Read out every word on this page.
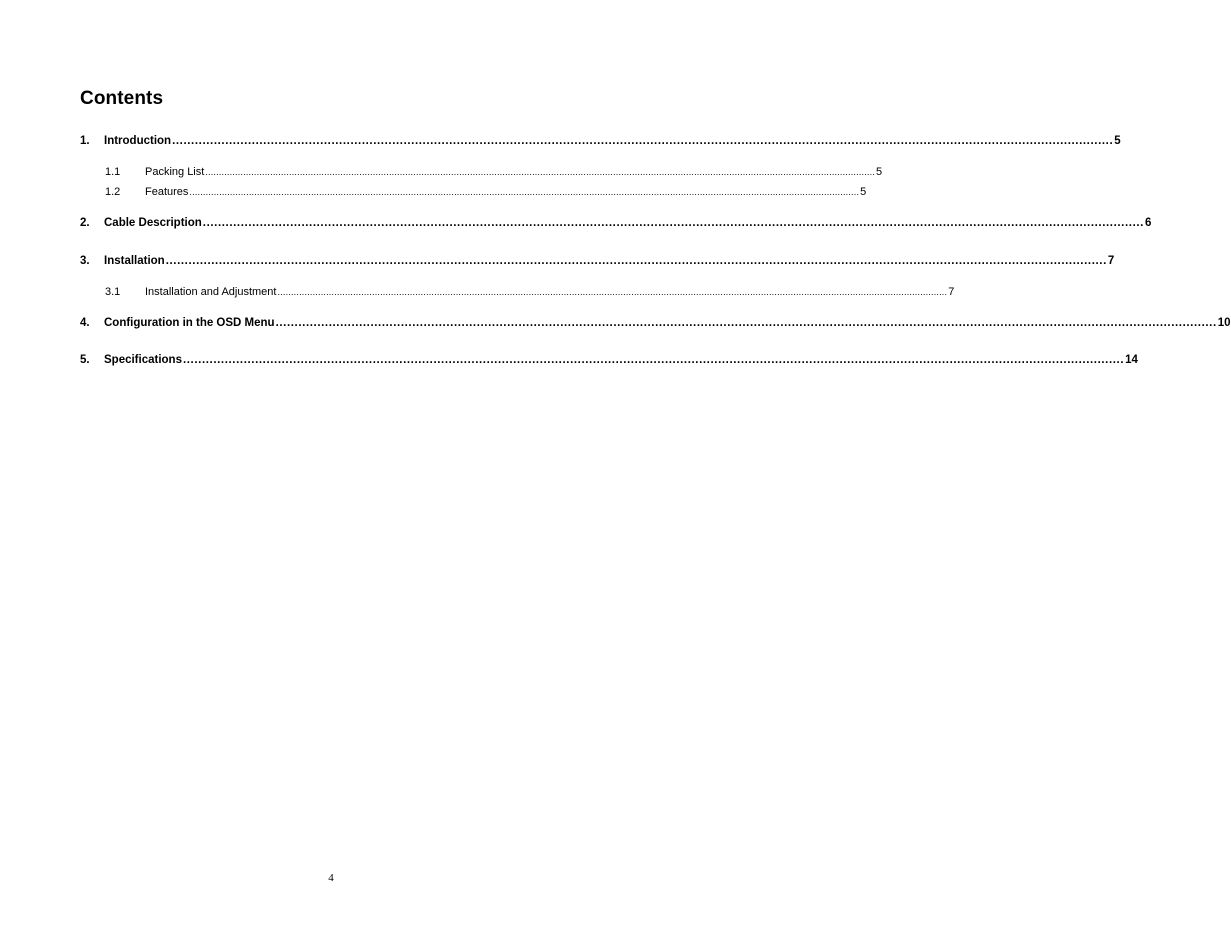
Contents
1.	Introduction ........................................................................................................................................................................................................................................................ 5
1.1	Packing List ........................................................................................................................................................................................................................................................ 5
1.2	Features ........................................................................................................................................................................................................................................................ 5
2.	Cable Description ........................................................................................................................................................................................................................................................ 6
3.	Installation ........................................................................................................................................................................................................................................................ 7
3.1	Installation and Adjustment ........................................................................................................................................................................................................................................................ 7
4.	Configuration in the OSD Menu ........................................................................................................................................................................................................................................................ 10
5.	Specifications ........................................................................................................................................................................................................................................................ 14
4
